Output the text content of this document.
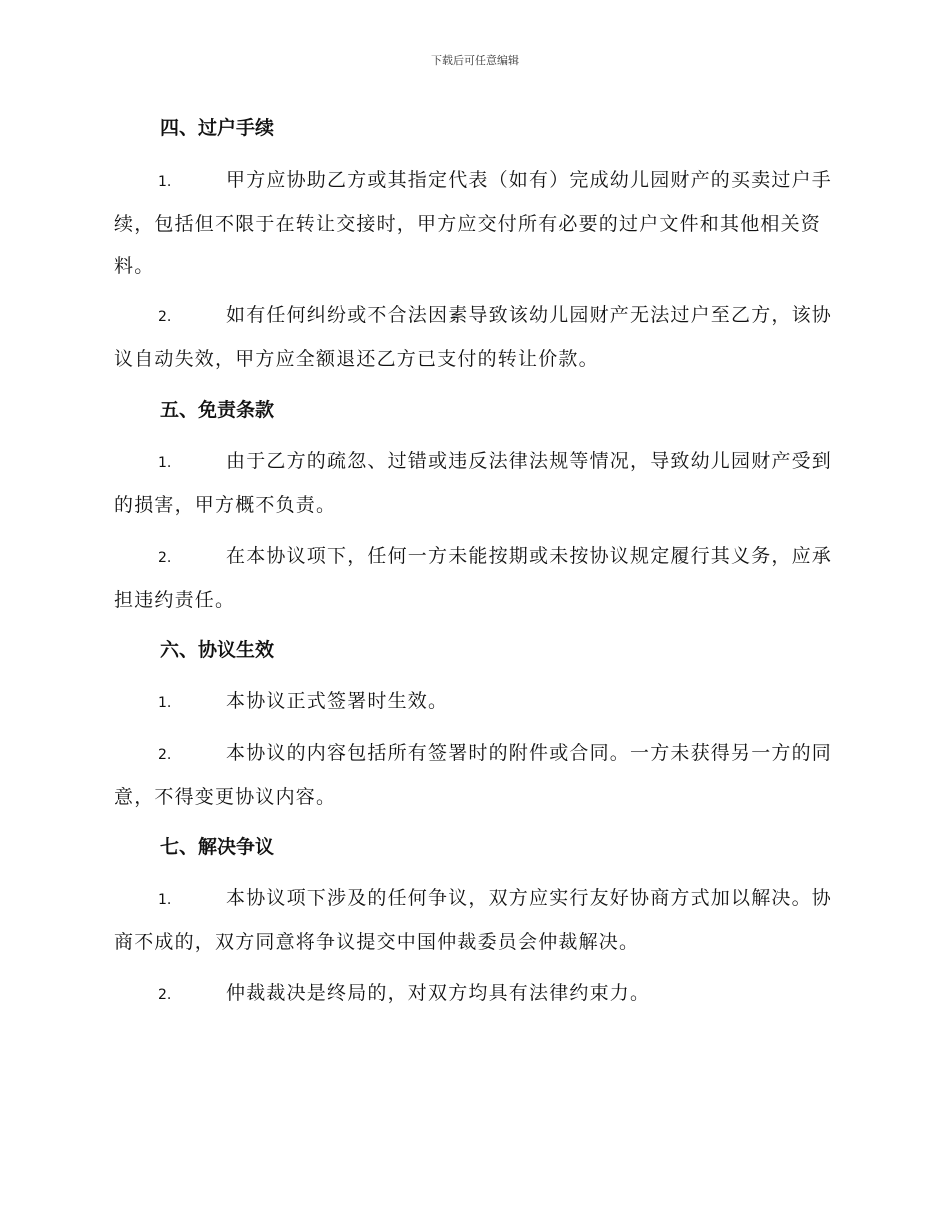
下载后可任意编辑
四、过户手续

1.	甲方应协助乙方或其指定代表（如有）完成幼儿园财产的买卖过户手续，包括但不限于在转让交接时，甲方应交付所有必要的过户文件和其他相关资料。

2.	如有任何纠纷或不合法因素导致该幼儿园财产无法过户至乙方，该协议自动失效，甲方应全额退还乙方已支付的转让价款。

五、免责条款

1.	由于乙方的疏忽、过错或违反法律法规等情况，导致幼儿园财产受到的损害，甲方概不负责。

2.	在本协议项下，任何一方未能按期或未按协议规定履行其义务，应承担违约责任。

六、协议生效

1.	本协议正式签署时生效。

2.	本协议的内容包括所有签署时的附件或合同。一方未获得另一方的同意，不得变更协议内容。

七、解决争议

1.	本协议项下涉及的任何争议，双方应实行友好协商方式加以解决。协商不成的，双方同意将争议提交中国仲裁委员会仲裁解决。

2.	仲裁裁决是终局的，对双方均具有法律约束力。
